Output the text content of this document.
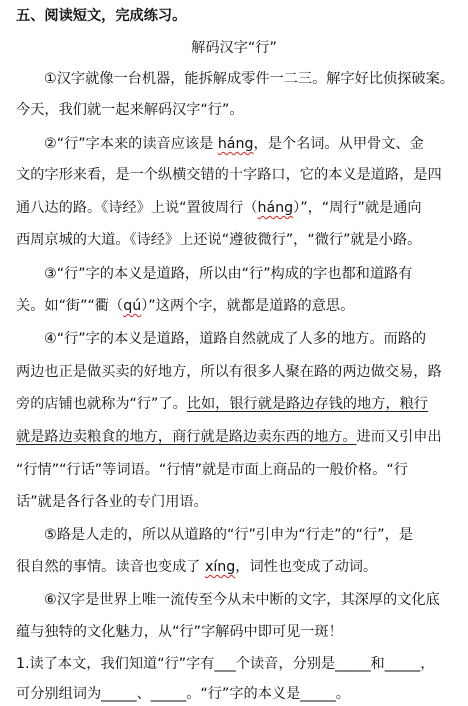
五、阅读短文，完成练习。
解码汉字“行”
①汉字就像一台机器，能拆解成零件一二三。解字好比侦探破案。
今天，我们就一起来解码汉字“行”。
②“行”字本来的读音应该是 háng，是个名词。从甲骨文、金
文的字形来看，是一个纵横交错的十字路口，它的本义是道路，是四
通八达的路。《诗经》上说“置彼周行（háng）”，“周行”就是通向
西周京城的大道。《诗经》上还说“遵彼微行”，“微行”就是小路。
③“行”字的本义是道路，所以由“行”构成的字也都和道路有
关。如“街”“衢（qú）”这两个字，就都是道路的意思。
④“行”字的本义是道路，道路自然就成了人多的地方。而路的
两边也正是做买卖的好地方，所以有很多人聚在路的两边做交易，路
旁的店铺也就称为“行”了。比如，银行就是路边存钱的地方，粮行
就是路边卖粮食的地方，商行就是路边卖东西的地方。进而又引申出
“行情”“行话”等词语。“行情”就是市面上商品的一般价格。“行
话”就是各行各业的专门用语。
⑤路是人走的，所以从道路的“行”引申为“行走”的“行”，是
很自然的事情。读音也变成了 xíng，词性也变成了动词。
⑥汉字是世界上唯一流传至今从未中断的文字，其深厚的文化底
蕴与独特的文化魅力，从“行”字解码中即可见一斑！
1.读了本文，我们知道“行”字有___个读音，分别是_____和_____，
可分别组词为_____、_____。“行”字的本义是_____。
